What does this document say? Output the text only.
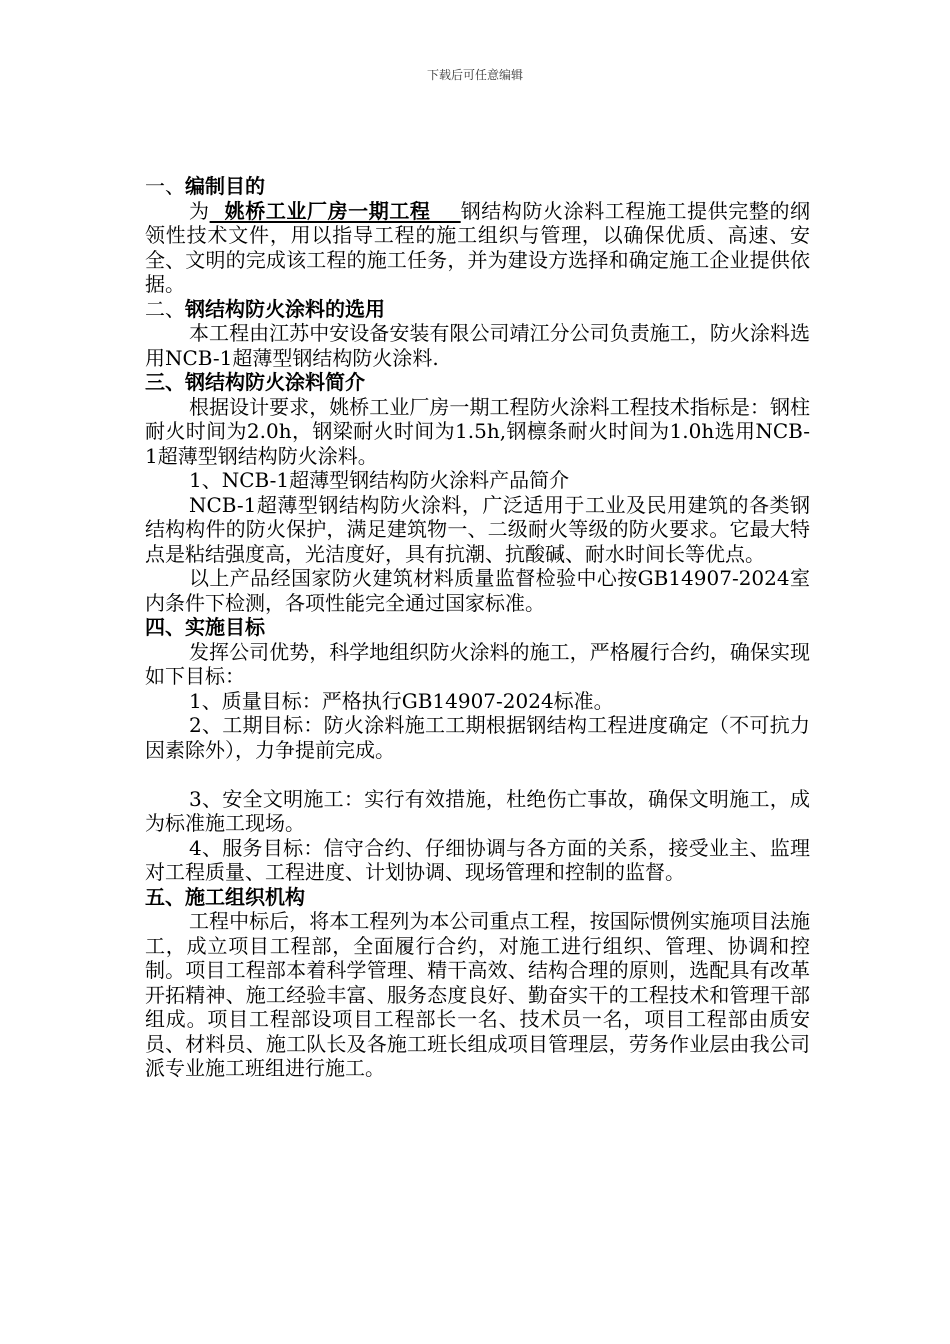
下载后可任意编辑

一、编制目的

为  姚桥工业厂房一期工程    钢结构防火涂料工程施工提供完整的纲领性技术文件，用以指导工程的施工组织与管理，以确保优质、高速、安全、文明的完成该工程的施工任务，并为建设方选择和确定施工企业提供依据。

二、钢结构防火涂料的选用

本工程由江苏中安设备安装有限公司靖江分公司负责施工，防火涂料选用NCB-1超薄型钢结构防火涂料.

三、钢结构防火涂料简介

根据设计要求，姚桥工业厂房一期工程防火涂料工程技术指标是：钢柱耐火时间为2.0h，钢梁耐火时间为1.5h,钢檩条耐火时间为1.0h选用NCB-1超薄型钢结构防火涂料。

1、NCB-1超薄型钢结构防火涂料产品简介

NCB-1超薄型钢结构防火涂料，广泛适用于工业及民用建筑的各类钢结构构件的防火保护，满足建筑物一、二级耐火等级的防火要求。它最大特点是粘结强度高，光洁度好，具有抗潮、抗酸碱、耐水时间长等优点。

以上产品经国家防火建筑材料质量监督检验中心按GB14907-2024室内条件下检测，各项性能完全通过国家标准。

四、实施目标

发挥公司优势，科学地组织防火涂料的施工，严格履行合约，确保实现如下目标：

1、质量目标：严格执行GB14907-2024标准。

2、工期目标：防火涂料施工工期根据钢结构工程进度确定（不可抗力因素除外），力争提前完成。

3、安全文明施工：实行有效措施，杜绝伤亡事故，确保文明施工，成为标准施工现场。

4、服务目标：信守合约、仔细协调与各方面的关系，接受业主、监理对工程质量、工程进度、计划协调、现场管理和控制的监督。

五、施工组织机构

工程中标后，将本工程列为本公司重点工程，按国际惯例实施项目法施工，成立项目工程部，全面履行合约，对施工进行组织、管理、协调和控制。项目工程部本着科学管理、精干高效、结构合理的原则，选配具有改革开拓精神、施工经验丰富、服务态度良好、勤奋实干的工程技术和管理干部组成。项目工程部设项目工程部长一名、技术员一名，项目工程部由质安员、材料员、施工队长及各施工班长组成项目管理层，劳务作业层由我公司派专业施工班组进行施工。
